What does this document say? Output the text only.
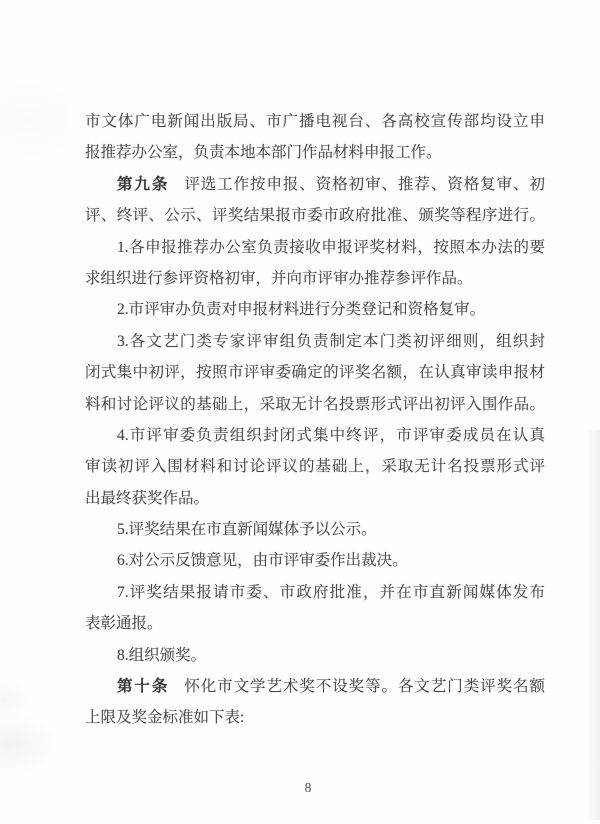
市文体广电新闻出版局、市广播电视台、各高校宣传部均设立申
报推荐办公室，负责本地本部门作品材料申报工作。
第九条 评选工作按申报、资格初审、推荐、资格复审、初
评、终评、公示、评奖结果报市委市政府批准、颁奖等程序进行。
1.各申报推荐办公室负责接收申报评奖材料，按照本办法的要
求组织进行参评资格初审，并向市评审办推荐参评作品。
2.市评审办负责对申报材料进行分类登记和资格复审。
3.各文艺门类专家评审组负责制定本门类初评细则，组织封
闭式集中初评，按照市评审委确定的评奖名额，在认真审读申报材
料和讨论评议的基础上，采取无计名投票形式评出初评入围作品。
4.市评审委负责组织封闭式集中终评，市评审委成员在认真
审读初评入围材料和讨论评议的基础上，采取无计名投票形式评
出最终获奖作品。
5.评奖结果在市直新闻媒体予以公示。
6.对公示反馈意见，由市评审委作出裁决。
7.评奖结果报请市委、市政府批准，并在市直新闻媒体发布
表彰通报。
8.组织颁奖。
第十条 怀化市文学艺术奖不设奖等。各文艺门类评奖名额
上限及奖金标准如下表:
8
